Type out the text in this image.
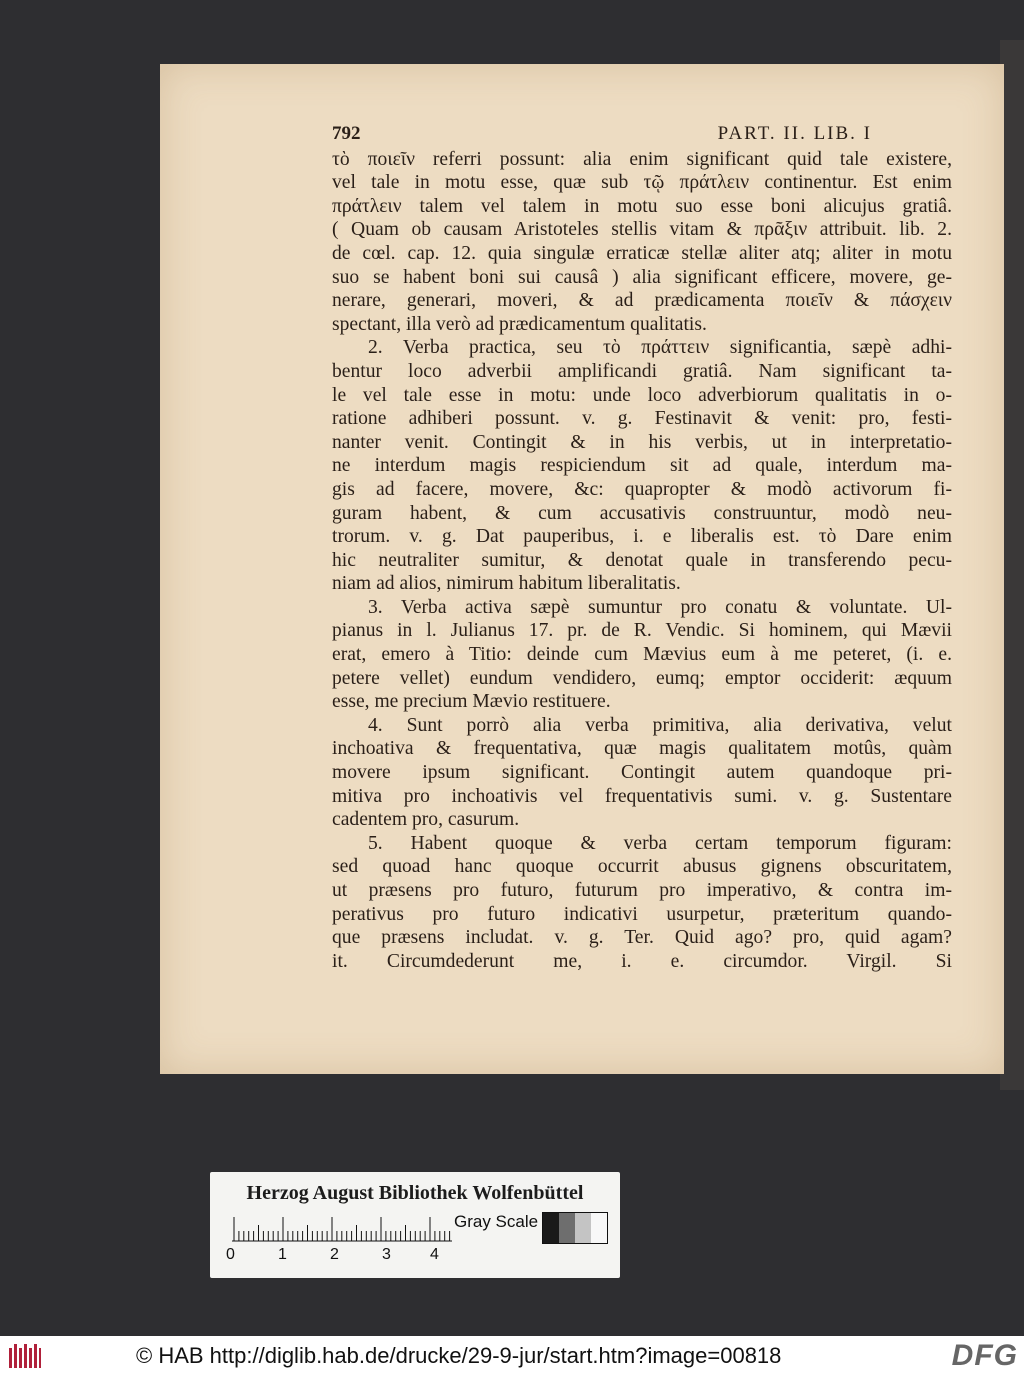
792	PART. II. LIB. I
τὸ ποιεῖν referri possunt: alia enim significant quid tale existere,
vel tale in motu esse, quæ sub τῷ πράτλειν continentur. Est enim
πράτλειν talem vel talem in motu suo esse boni alicujus gratiâ.
( Quam ob causam Aristoteles stellis vitam & πρᾶξιν attribuit. lib. 2.
de cœl. cap. 12. quia singulæ erraticæ stellæ aliter atq; aliter in motu
suo se habent boni sui causâ ) alia significant efficere, movere, ge-
nerare, generari, moveri, & ad prædicamenta ποιεῖν & πάσχειν
spectant, illa verò ad prædicamentum qualitatis.
2. Verba practica, seu τὸ πράττειν significantia, sæpè adhi-
bentur loco adverbii amplificandi gratiâ. Nam significant ta-
le vel tale esse in motu: unde loco adverbiorum qualitatis in o-
ratione adhiberi possunt. v. g. Festinavit & venit: pro, festi-
nanter venit. Contingit & in his verbis, ut in interpretatio-
ne interdum magis respiciendum sit ad quale, interdum ma-
gis ad facere, movere, &c: quapropter & modò activorum fi-
guram habent, & cum accusativis construuntur, modò neu-
trorum. v. g. Dat pauperibus, i. e liberalis est. τὸ Dare enim
hic neutraliter sumitur, & denotat quale in transferendo pecu-
niam ad alios, nimirum habitum liberalitatis.
3. Verba activa sæpè sumuntur pro conatu & voluntate. Ul-
pianus in l. Julianus 17. pr. de R. Vendic. Si hominem, qui Mævii
erat, emero à Titio: deinde cum Mævius eum à me peteret, (i. e.
petere vellet) eundum vendidero, eumq; emptor occiderit: æquum
esse, me precium Mævio restituere.
4. Sunt porrò alia verba primitiva, alia derivativa, velut
inchoativa & frequentativa, quæ magis qualitatem motûs, quàm
movere ipsum significant. Contingit autem quandoque pri-
mitiva pro inchoativis vel frequentativis sumi. v. g. Sustentare
cadentem pro, casurum.
5. Habent quoque & verba certam temporum figuram:
sed quoad hanc quoque occurrit abusus gignens obscuritatem,
ut præsens pro futuro, futurum pro imperativo, & contra im-
perativus pro futuro indicativi usurpetur, præteritum quando-
que præsens includat. v. g. Ter. Quid ago? pro, quid agam?
it. Circumdederunt me, i. e. circumdor. Virgil. Si
Herzog August Bibliothek Wolfenbüttel
0	1	2	3 4
Gray Scale
© HAB http://diglib.hab.de/drucke/29-9-jur/start.htm?image=00818	DFG
